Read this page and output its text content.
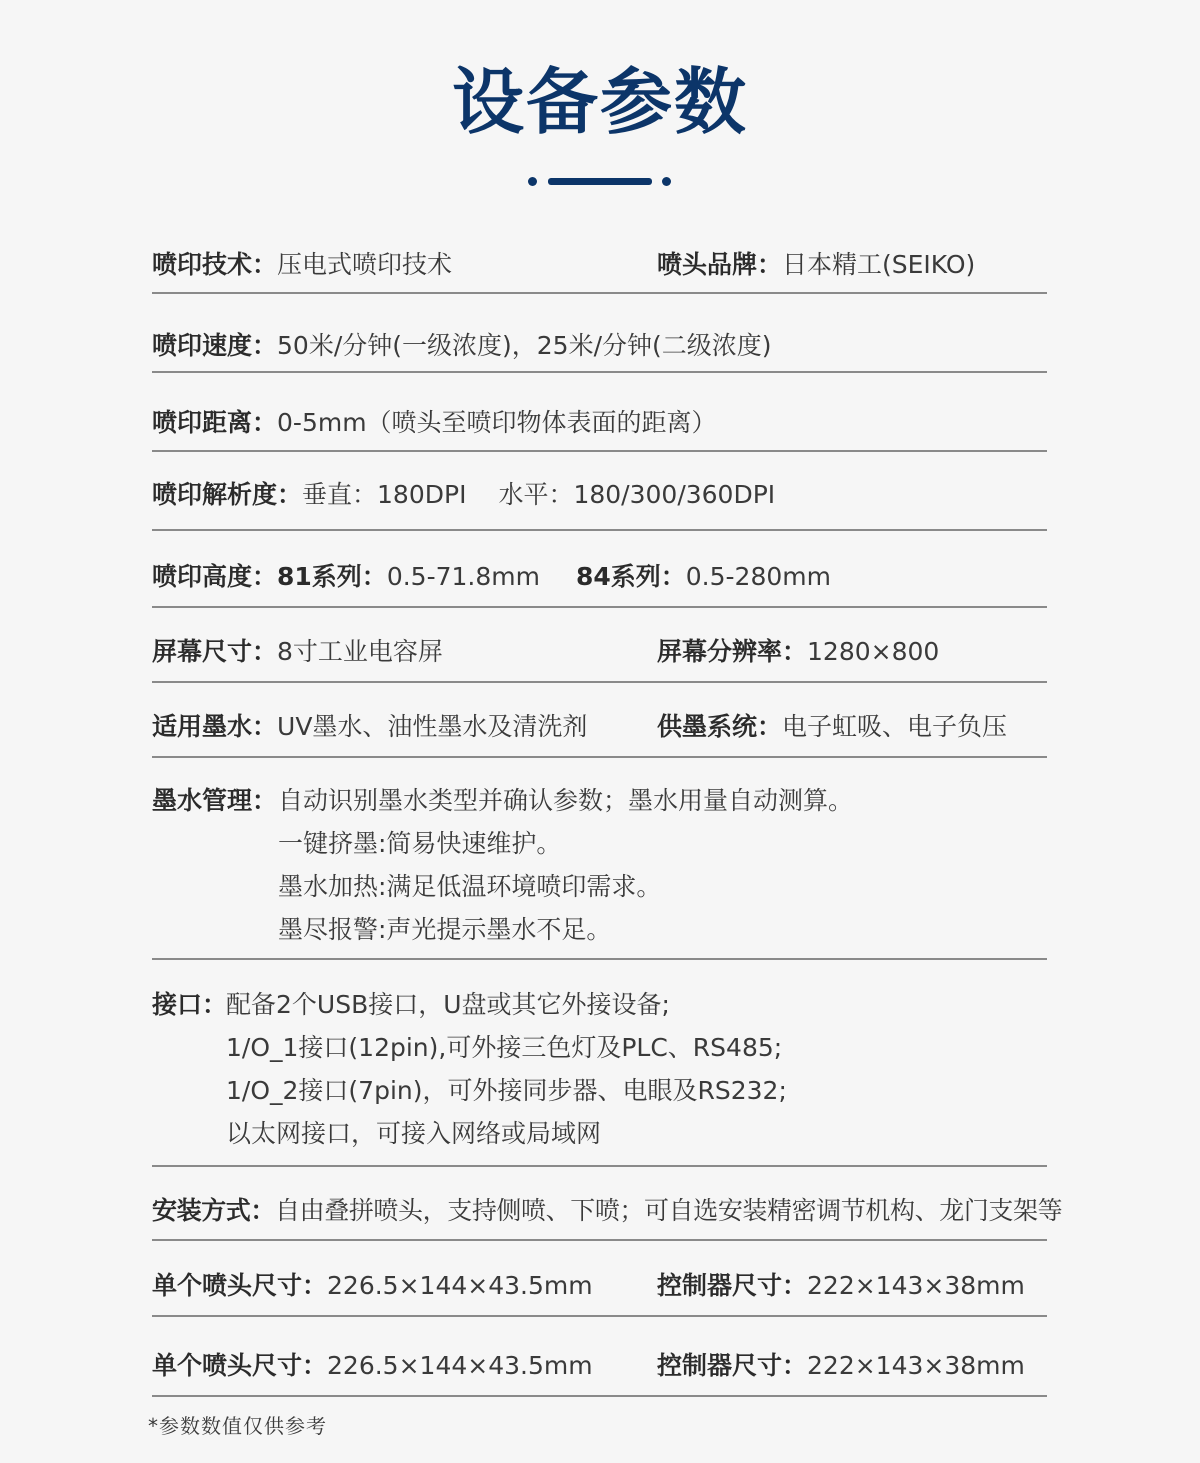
设备参数
喷印技术：压电式喷印技术	喷头品牌：日本精工(SEIKO)
喷印速度：50米/分钟(一级浓度)，25米/分钟(二级浓度)
喷印距离：0-5mm（喷头至喷印物体表面的距离）
喷印解析度：垂直：180DPI 水平：180/300/360DPI
喷印高度：81系列：0.5-71.8mm 84系列：0.5-280mm
屏幕尺寸：8寸工业电容屏	屏幕分辨率：1280×800
适用墨水：UV墨水、油性墨水及清洗剂	供墨系统：电子虹吸、电子负压
墨水管理： 自动识别墨水类型并确认参数；墨水用量自动测算。
一键挤墨:简易快速维护。
墨水加热:满足低温环境喷印需求。
墨尽报警:声光提示墨水不足。
接口：
配备2个USB接口，U盘或其它外接设备;
1/O_1接口(12pin),可外接三色灯及PLC、RS485;
1/O_2接口(7pin)，可外接同步器、电眼及RS232;
以太网接口，可接入网络或局域网
安装方式：自由叠拼喷头，支持侧喷、下喷；可自选安装精密调节机构、龙门支架等
单个喷头尺寸：226.5×144×43.5mm	控制器尺寸：222×143×38mm
单个喷头尺寸：226.5×144×43.5mm	控制器尺寸：222×143×38mm
*参数数值仅供参考
